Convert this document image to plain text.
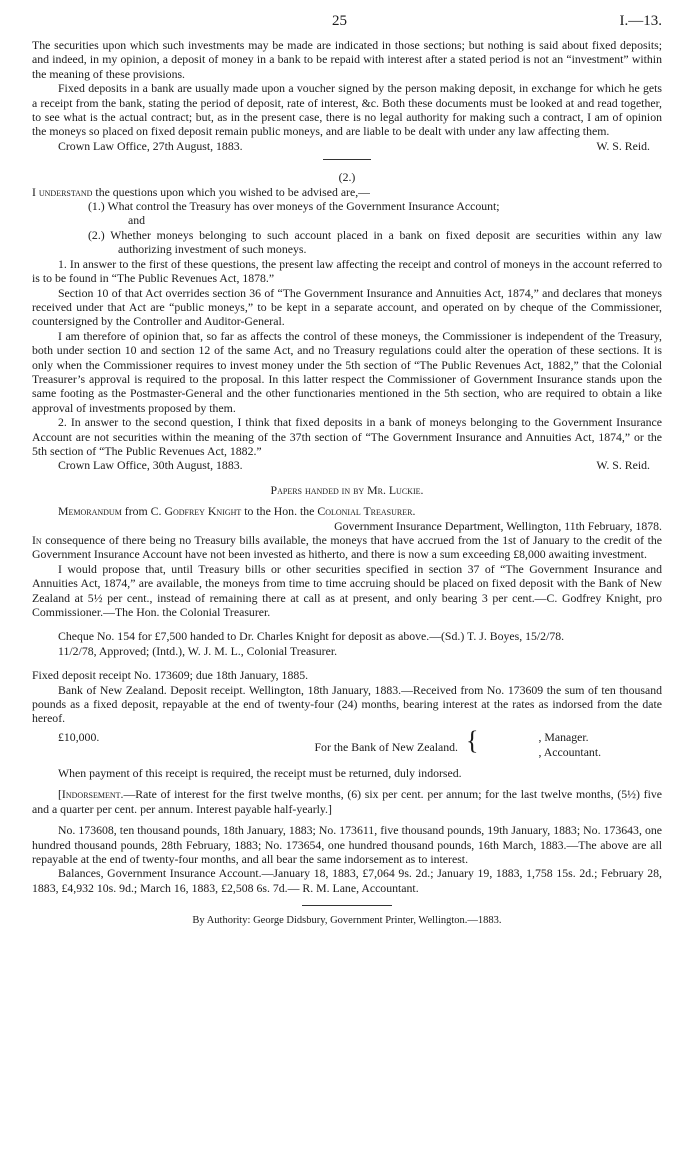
25	I.—13.

The securities upon which such investments may be made are indicated in those sections; but nothing is said about fixed deposits; and indeed, in my opinion, a deposit of money in a bank to be repaid with interest after a stated period is not an “investment” within the meaning of these provisions.

Fixed deposits in a bank are usually made upon a voucher signed by the person making deposit, in exchange for which he gets a receipt from the bank, stating the period of deposit, rate of interest, &c. Both these documents must be looked at and read together, to see what is the actual contract; but, as in the present case, there is no legal authority for making such a contract, I am of opinion the moneys so placed on fixed deposit remain public moneys, and are liable to be dealt with under any law affecting them.

Crown Law Office, 27th August, 1883.	W. S. Reid.
(2.)

I understand the questions upon which you wished to be advised are,—

(1.) What control the Treasury has over moneys of the Government Insurance Account;
and
(2.) Whether moneys belonging to such account placed in a bank on fixed deposit are securities within any law authorizing investment of such moneys.

1. In answer to the first of these questions, the present law affecting the receipt and control of moneys in the account referred to is to be found in “The Public Revenues Act, 1878.”

Section 10 of that Act overrides section 36 of “The Government Insurance and Annuities Act, 1874,” and declares that moneys received under that Act are “public moneys,” to be kept in a separate account, and operated on by cheque of the Commissioner, countersigned by the Controller and Auditor-General.

I am therefore of opinion that, so far as affects the control of these moneys, the Commissioner is independent of the Treasury, both under section 10 and section 12 of the same Act, and no Treasury regulations could alter the operation of these sections. It is only when the Commissioner requires to invest money under the 5th section of “The Public Revenues Act, 1882,” that the Colonial Treasurer’s approval is required to the proposal. In this latter respect the Commissioner of Government Insurance stands upon the same footing as the Postmaster-General and the other functionaries mentioned in the 5th section, who are required to obtain a like approval of investments proposed by them.

2. In answer to the second question, I think that fixed deposits in a bank of moneys belonging to the Government Insurance Account are not securities within the meaning of the 37th section of “The Government Insurance and Annuities Act, 1874,” or the 5th section of “The Public Revenues Act, 1882.”

Crown Law Office, 30th August, 1883.	W. S. Reid.
Papers handed in by Mr. Luckie.

Memorandum from C. Godfrey Knight to the Hon. the Colonial Treasurer.

Government Insurance Department, Wellington, 11th February, 1878.

In consequence of there being no Treasury bills available, the moneys that have accrued from the 1st of January to the credit of the Government Insurance Account have not been invested as hitherto, and there is now a sum exceeding £8,000 awaiting investment.

I would propose that, until Treasury bills or other securities specified in section 37 of “The Government Insurance and Annuities Act, 1874,” are available, the moneys from time to time accruing should be placed on fixed deposit with the Bank of New Zealand at 5½ per cent., instead of remaining there at call as at present, and only bearing 3 per cent.—C. Godfrey Knight, pro Commissioner.—The Hon. the Colonial Treasurer.

Cheque No. 154 for £7,500 handed to Dr. Charles Knight for deposit as above.—(Sd.) T. J. Boyes, 15/2/78.

11/2/78, Approved; (Intd.), W. J. M. L., Colonial Treasurer.

Fixed deposit receipt No. 173609; due 18th January, 1885.

Bank of New Zealand. Deposit receipt. Wellington, 18th January, 1883.—Received from No. 173609 the sum of ten thousand pounds as a fixed deposit, repayable at the end of twenty-four (24) months, bearing interest at the rates as indorsed from the date hereof.

£10,000.
For the Bank of New Zealand. {	, Manager.
, Accountant.

When payment of this receipt is required, the receipt must be returned, duly indorsed.

[Indorsement.—Rate of interest for the first twelve months, (6) six per cent. per annum; for the last twelve months, (5½) five and a quarter per cent. per annum. Interest payable half-yearly.]

No. 173608, ten thousand pounds, 18th January, 1883; No. 173611, five thousand pounds, 19th January, 1883; No. 173643, one hundred thousand pounds, 28th February, 1883; No. 173654, one hundred thousand pounds, 16th March, 1883.—The above are all repayable at the end of twenty-four months, and all bear the same indorsement as to interest.

Balances, Government Insurance Account.—January 18, 1883, £7,064 9s. 2d.; January 19, 1883, 1,758 15s. 2d.; February 28, 1883, £4,932 10s. 9d.; March 16, 1883, £2,508 6s. 7d.— R. M. Lane, Accountant.

By Authority: George Didsbury, Government Printer, Wellington.—1883.
